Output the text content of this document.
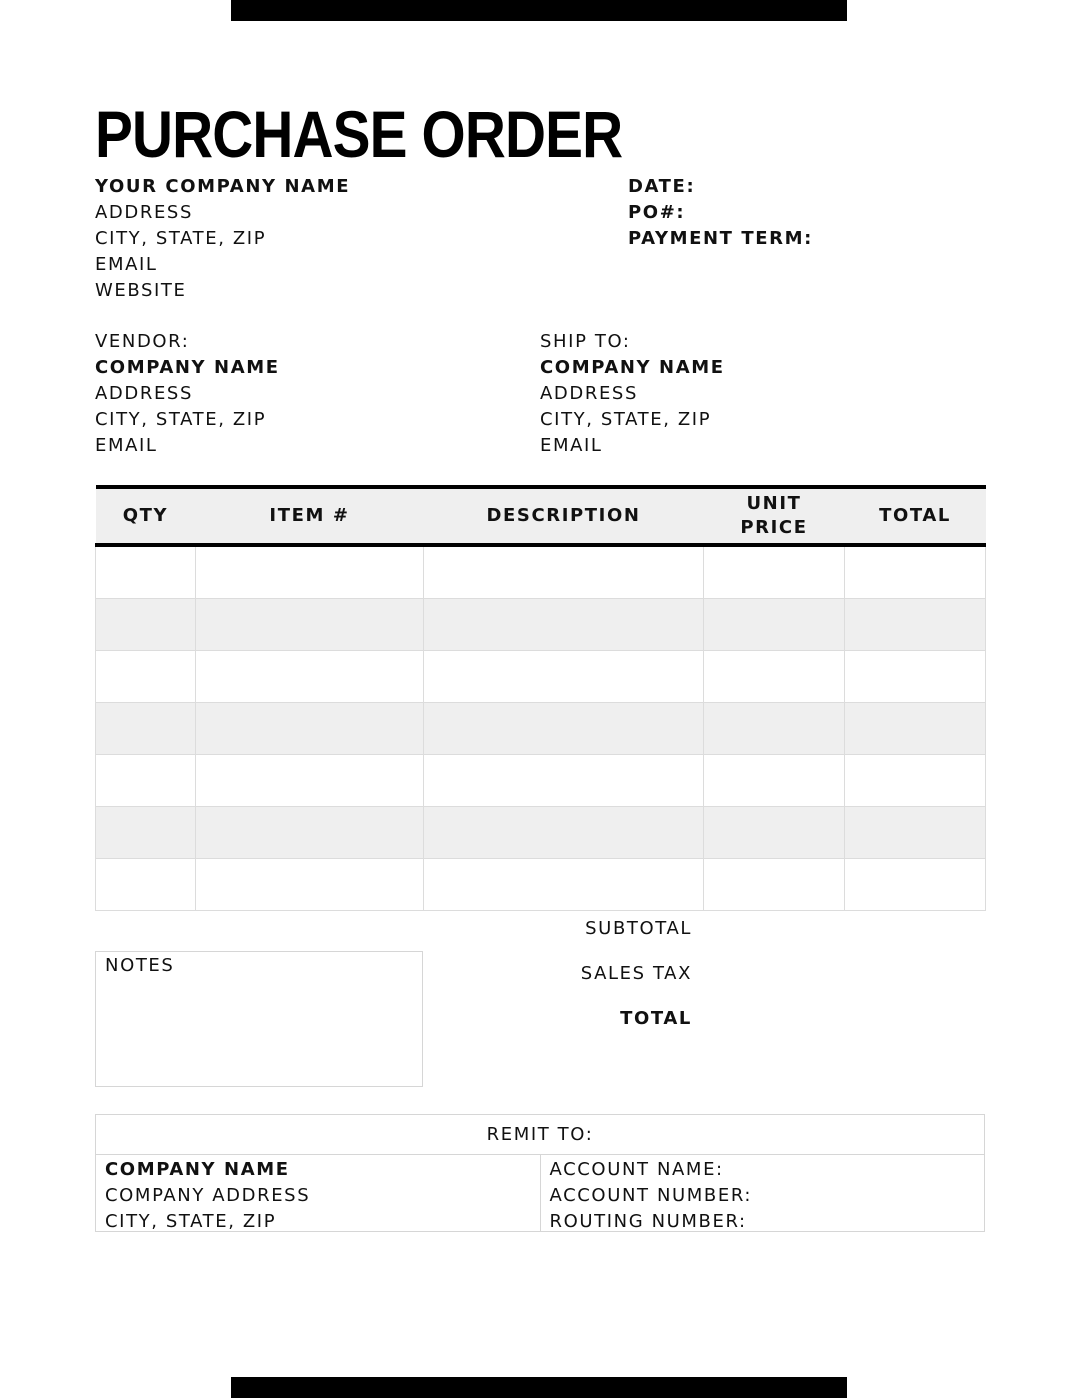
PURCHASE ORDER
YOUR COMPANY NAME
ADDRESS
CITY, STATE, ZIP
EMAIL
WEBSITE
DATE:
PO#:
PAYMENT TERM:
VENDOR:
COMPANY NAME
ADDRESS
CITY, STATE, ZIP
EMAIL
SHIP TO:
COMPANY NAME
ADDRESS
CITY, STATE, ZIP
EMAIL
QTY	ITEM #	DESCRIPTION	UNIT PRICE	TOTAL

SUBTOTAL
SALES TAX
TOTAL
NOTES
REMIT TO:
COMPANY NAME
COMPANY ADDRESS
CITY, STATE, ZIP
ACCOUNT NAME:
ACCOUNT NUMBER:
ROUTING NUMBER:
